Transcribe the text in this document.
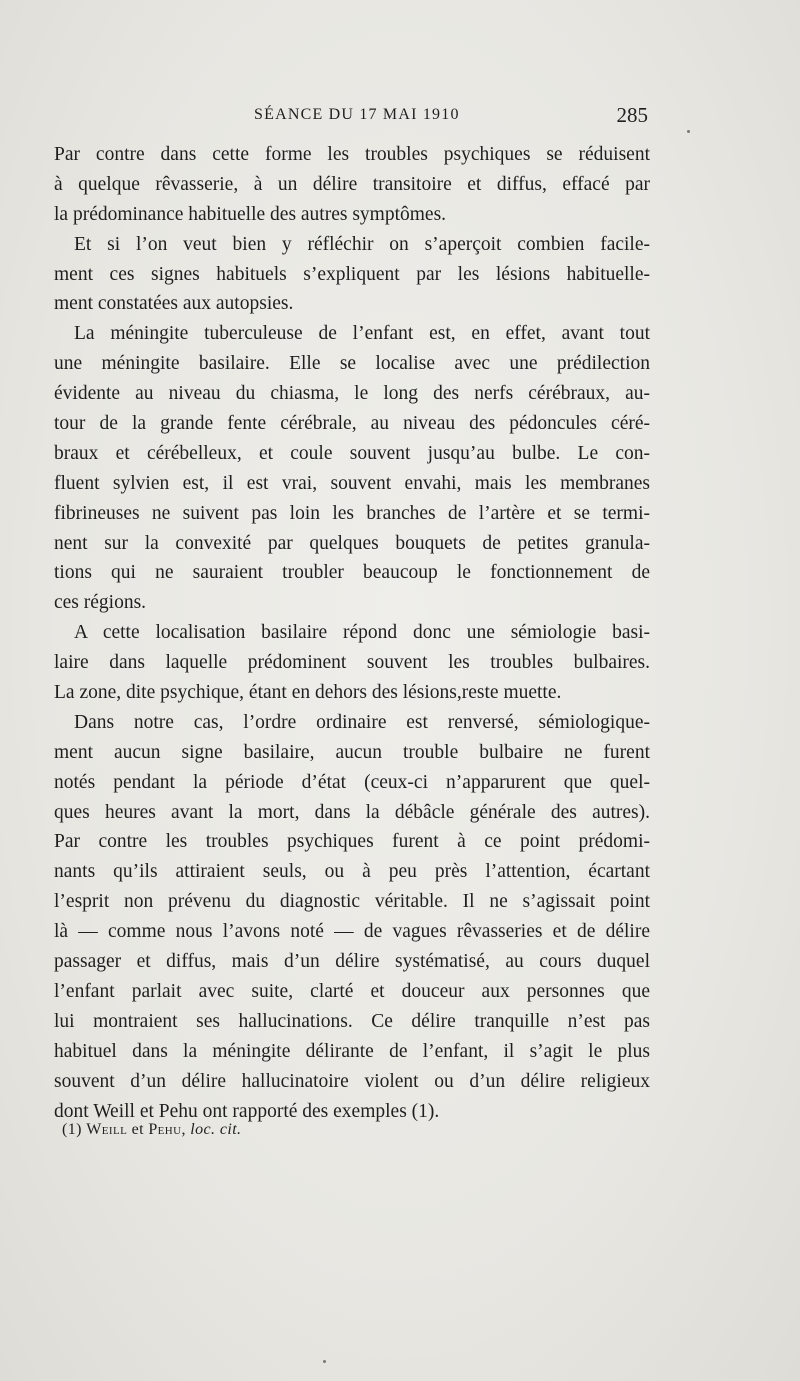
SÉANCE DU 17 MAI 1910	285
Par contre dans cette forme les troubles psychiques se réduisent
à quelque rêvasserie, à un délire transitoire et diffus, effacé par
la prédominance habituelle des autres symptômes.
Et si l’on veut bien y réfléchir on s’aperçoit combien facile-
ment ces signes habituels s’expliquent par les lésions habituelle-
ment constatées aux autopsies.
La méningite tuberculeuse de l’enfant est, en effet, avant tout
une méningite basilaire. Elle se localise avec une prédilection
évidente au niveau du chiasma, le long des nerfs cérébraux, au-
tour de la grande fente cérébrale, au niveau des pédoncules céré-
braux et cérébelleux, et coule souvent jusqu’au bulbe. Le con-
fluent sylvien est, il est vrai, souvent envahi, mais les membranes
fibrineuses ne suivent pas loin les branches de l’artère et se termi-
nent sur la convexité par quelques bouquets de petites granula-
tions qui ne sauraient troubler beaucoup le fonctionnement de
ces régions.
A cette localisation basilaire répond donc une sémiologie basi-
laire dans laquelle prédominent souvent les troubles bulbaires.
La zone, dite psychique, étant en dehors des lésions,reste muette.
Dans notre cas, l’ordre ordinaire est renversé, sémiologique-
ment aucun signe basilaire, aucun trouble bulbaire ne furent
notés pendant la période d’état (ceux-ci n’apparurent que quel-
ques heures avant la mort, dans la débâcle générale des autres).
Par contre les troubles psychiques furent à ce point prédomi-
nants qu’ils attiraient seuls, ou à peu près l’attention, écartant
l’esprit non prévenu du diagnostic véritable. Il ne s’agissait point
là — comme nous l’avons noté — de vagues rêvasseries et de délire
passager et diffus, mais d’un délire systématisé, au cours duquel
l’enfant parlait avec suite, clarté et douceur aux personnes que
lui montraient ses hallucinations. Ce délire tranquille n’est pas
habituel dans la méningite délirante de l’enfant, il s’agit le plus
souvent d’un délire hallucinatoire violent ou d’un délire religieux
dont Weill et Pehu ont rapporté des exemples (1).
(1) Weill et Pehu, loc. cit.
